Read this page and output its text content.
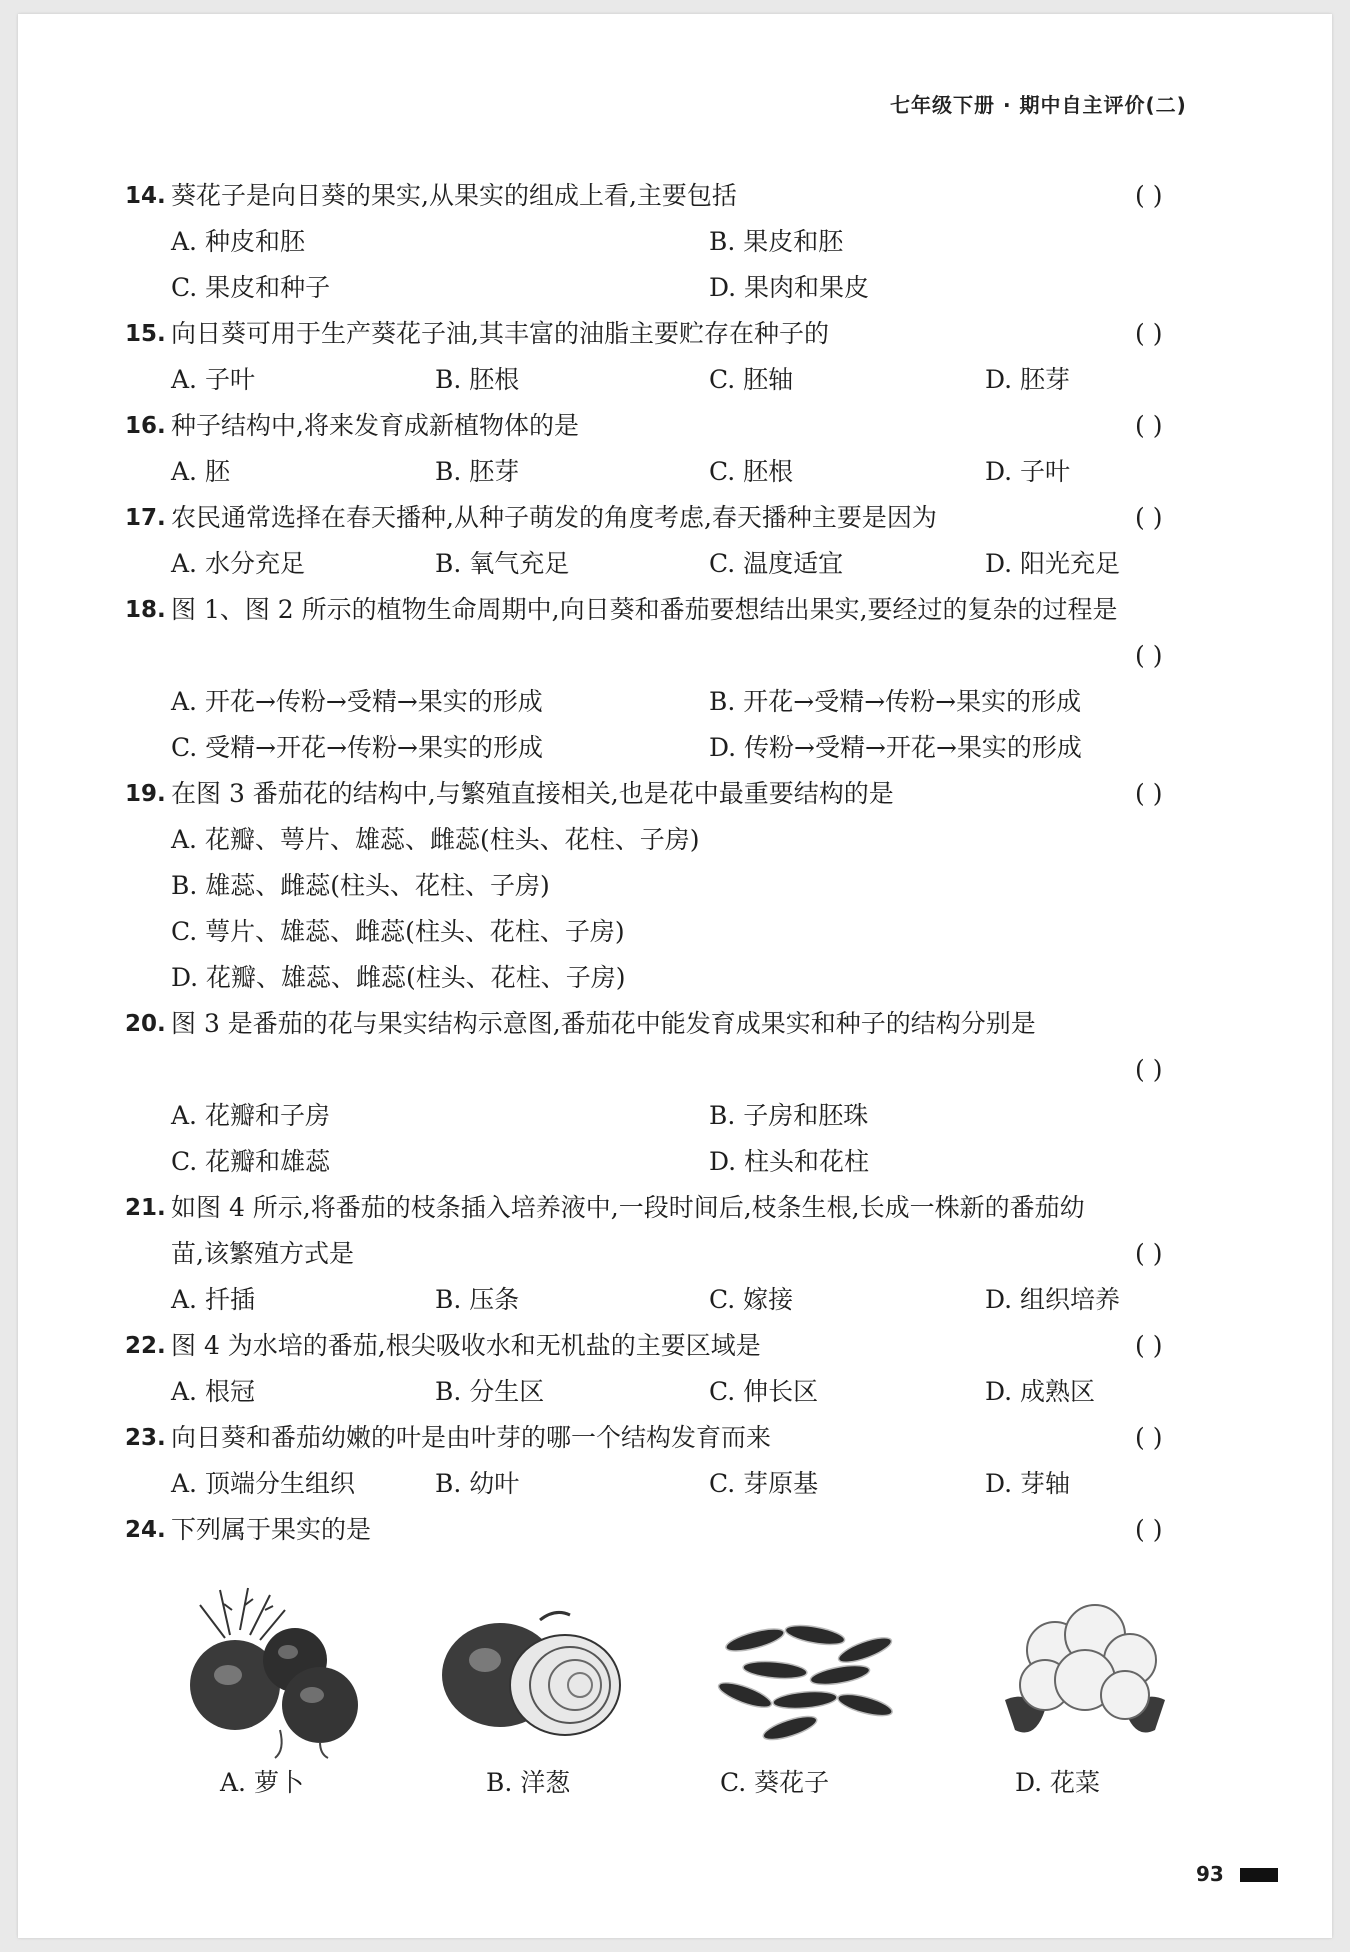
七年级下册 · 期中自主评价(二)
14. 葵花子是向日葵的果实,从果实的组成上看,主要包括	( )
A. 种皮和胚	B. 果皮和胚
C. 果皮和种子	D. 果肉和果皮
15. 向日葵可用于生产葵花子油,其丰富的油脂主要贮存在种子的	( )
A. 子叶	B. 胚根	C. 胚轴	D. 胚芽
16. 种子结构中,将来发育成新植物体的是	( )
A. 胚	B. 胚芽	C. 胚根	D. 子叶
17. 农民通常选择在春天播种,从种子萌发的角度考虑,春天播种主要是因为	( )
A. 水分充足	B. 氧气充足	C. 温度适宜	D. 阳光充足
18. 图 1、图 2 所示的植物生命周期中,向日葵和番茄要想结出果实,要经过的复杂的过程是
( )
A. 开花→传粉→受精→果实的形成	B. 开花→受精→传粉→果实的形成
C. 受精→开花→传粉→果实的形成	D. 传粉→受精→开花→果实的形成
19. 在图 3 番茄花的结构中,与繁殖直接相关,也是花中最重要结构的是	( )
A. 花瓣、萼片、雄蕊、雌蕊(柱头、花柱、子房)
B. 雄蕊、雌蕊(柱头、花柱、子房)
C. 萼片、雄蕊、雌蕊(柱头、花柱、子房)
D. 花瓣、雄蕊、雌蕊(柱头、花柱、子房)
20. 图 3 是番茄的花与果实结构示意图,番茄花中能发育成果实和种子的结构分别是
( )
A. 花瓣和子房	B. 子房和胚珠
C. 花瓣和雄蕊	D. 柱头和花柱
21. 如图 4 所示,将番茄的枝条插入培养液中,一段时间后,枝条生根,长成一株新的番茄幼
苗,该繁殖方式是	( )
A. 扦插	B. 压条	C. 嫁接	D. 组织培养
22. 图 4 为水培的番茄,根尖吸收水和无机盐的主要区域是	( )
A. 根冠	B. 分生区	C. 伸长区	D. 成熟区
23. 向日葵和番茄幼嫩的叶是由叶芽的哪一个结构发育而来	( )
A. 顶端分生组织	B. 幼叶	C. 芽原基	D. 芽轴
24. 下列属于果实的是	( )
A. 萝卜	B. 洋葱	C. 葵花子	D. 花菜
93
